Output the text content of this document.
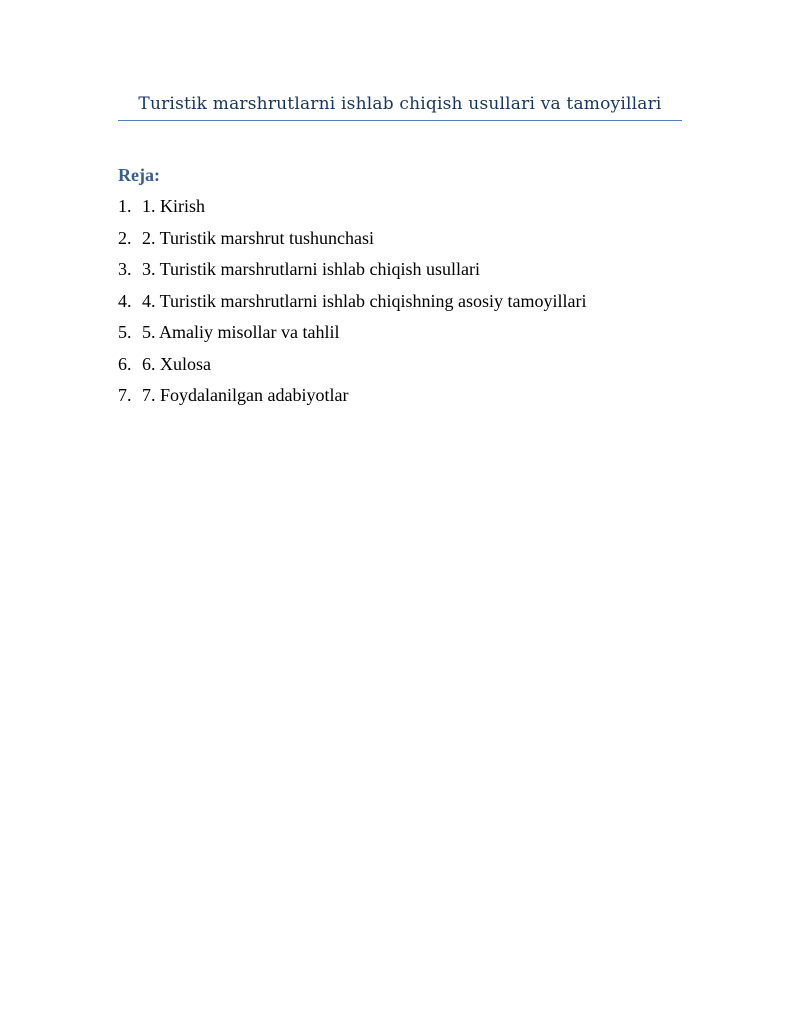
Turistik marshrutlarni ishlab chiqish usullari va tamoyillari
Reja:
1. 1. Kirish
2. 2. Turistik marshrut tushunchasi
3. 3. Turistik marshrutlarni ishlab chiqish usullari
4. 4. Turistik marshrutlarni ishlab chiqishning asosiy tamoyillari
5. 5. Amaliy misollar va tahlil
6. 6. Xulosa
7. 7. Foydalanilgan adabiyotlar
